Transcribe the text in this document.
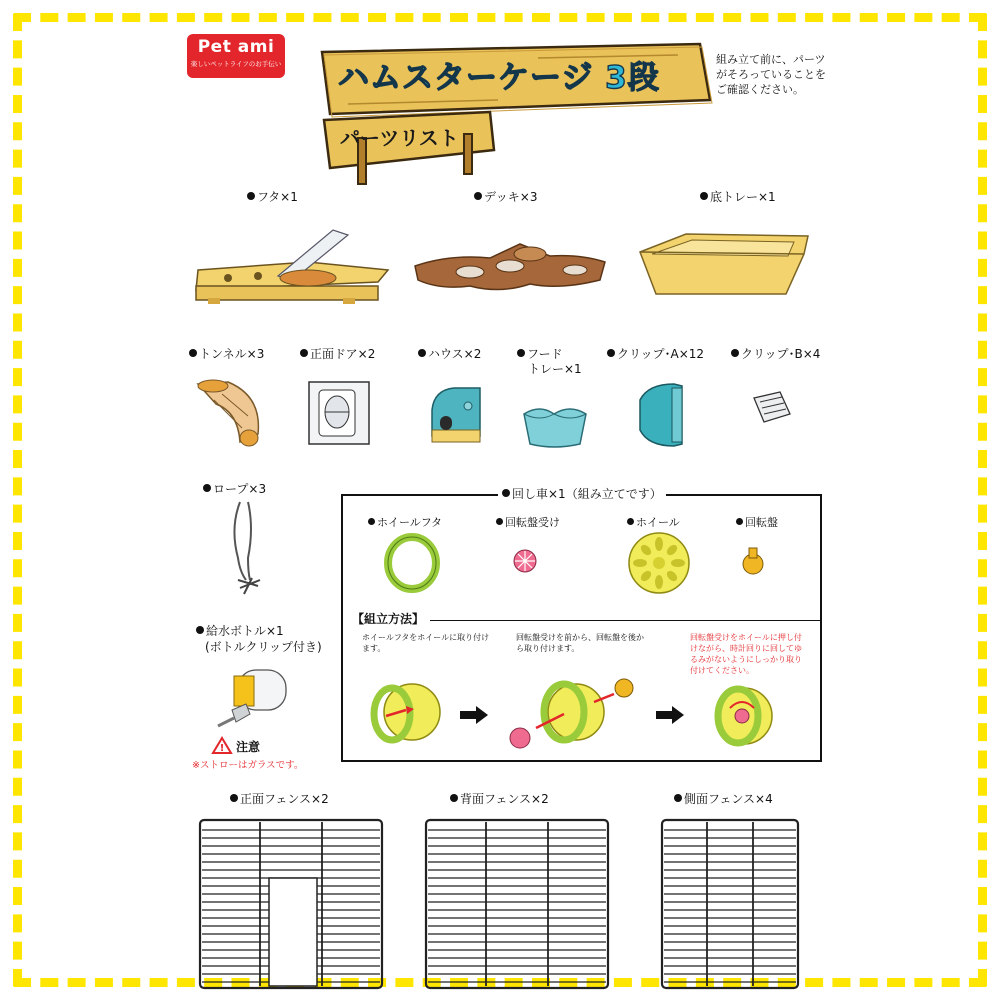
Pet ami
楽しいペットライフのお手伝い ハムスターケージ 3段
パーツリスト
組み立て前に、パーツがそろっていることをご確認ください。
フタ×1	デッキ×3	底トレー×1
トンネル×3	正面ドア×2	ハウス×2	フード
トレー×1
クリップ･A×12	クリップ･B×4
ロープ×3
給水ボトル×1
(ボトルクリップ付き)
! 注意
※ストローはガラスです。
回し車×1（組み立てです）
ホイールフタ	回転盤受け	ホイール	回転盤
【組立方法】
ホイールフタをホイールに取り付けます。
回転盤受けを前から、回転盤を後から取り付けます。
回転盤受けをホイールに押し付けながら、時計回りに回してゆるみがないようにしっかり取り付けてください。
正面フェンス×2	背面フェンス×2	側面フェンス×4
